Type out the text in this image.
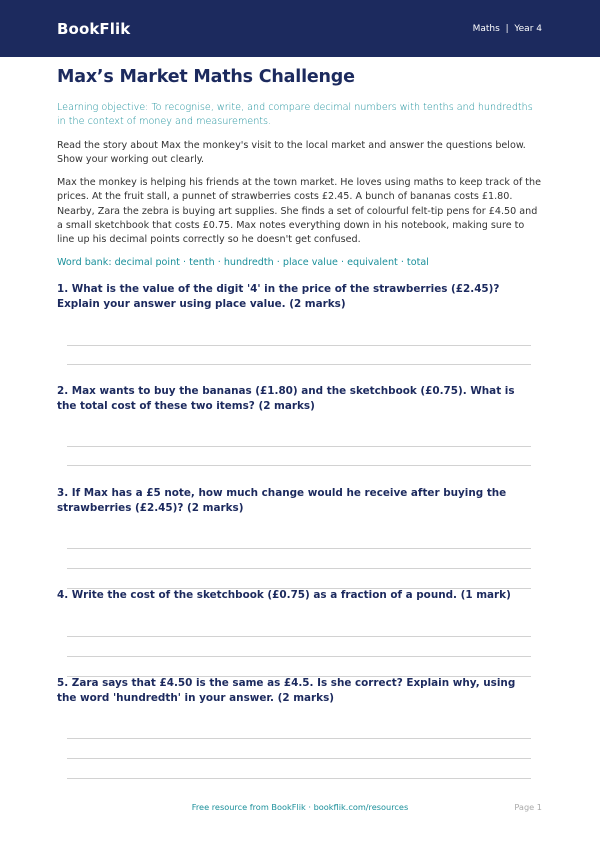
BookFlik	Maths | Year 4
Max’s Market Maths Challenge
Learning objective: To recognise, write, and compare decimal numbers with tenths and hundredths in the context of money and measurements.
Read the story about Max the monkey's visit to the local market and answer the questions below. Show your working out clearly.
Max the monkey is helping his friends at the town market. He loves using maths to keep track of the prices. At the fruit stall, a punnet of strawberries costs £2.45. A bunch of bananas costs £1.80. Nearby, Zara the zebra is buying art supplies. She finds a set of colourful felt-tip pens for £4.50 and a small sketchbook that costs £0.75. Max notes everything down in his notebook, making sure to line up his decimal points correctly so he doesn't get confused.
Word bank: decimal point · tenth · hundredth · place value · equivalent · total
1. What is the value of the digit '4' in the price of the strawberries (£2.45)? Explain your answer using place value. (2 marks)
2. Max wants to buy the bananas (£1.80) and the sketchbook (£0.75). What is the total cost of these two items? (2 marks)
3. If Max has a £5 note, how much change would he receive after buying the strawberries (£2.45)? (2 marks)
4. Write the cost of the sketchbook (£0.75) as a fraction of a pound. (1 mark)
5. Zara says that £4.50 is the same as £4.5. Is she correct? Explain why, using the word 'hundredth' in your answer. (2 marks)
Free resource from BookFlik · bookflik.com/resources	Page 1
